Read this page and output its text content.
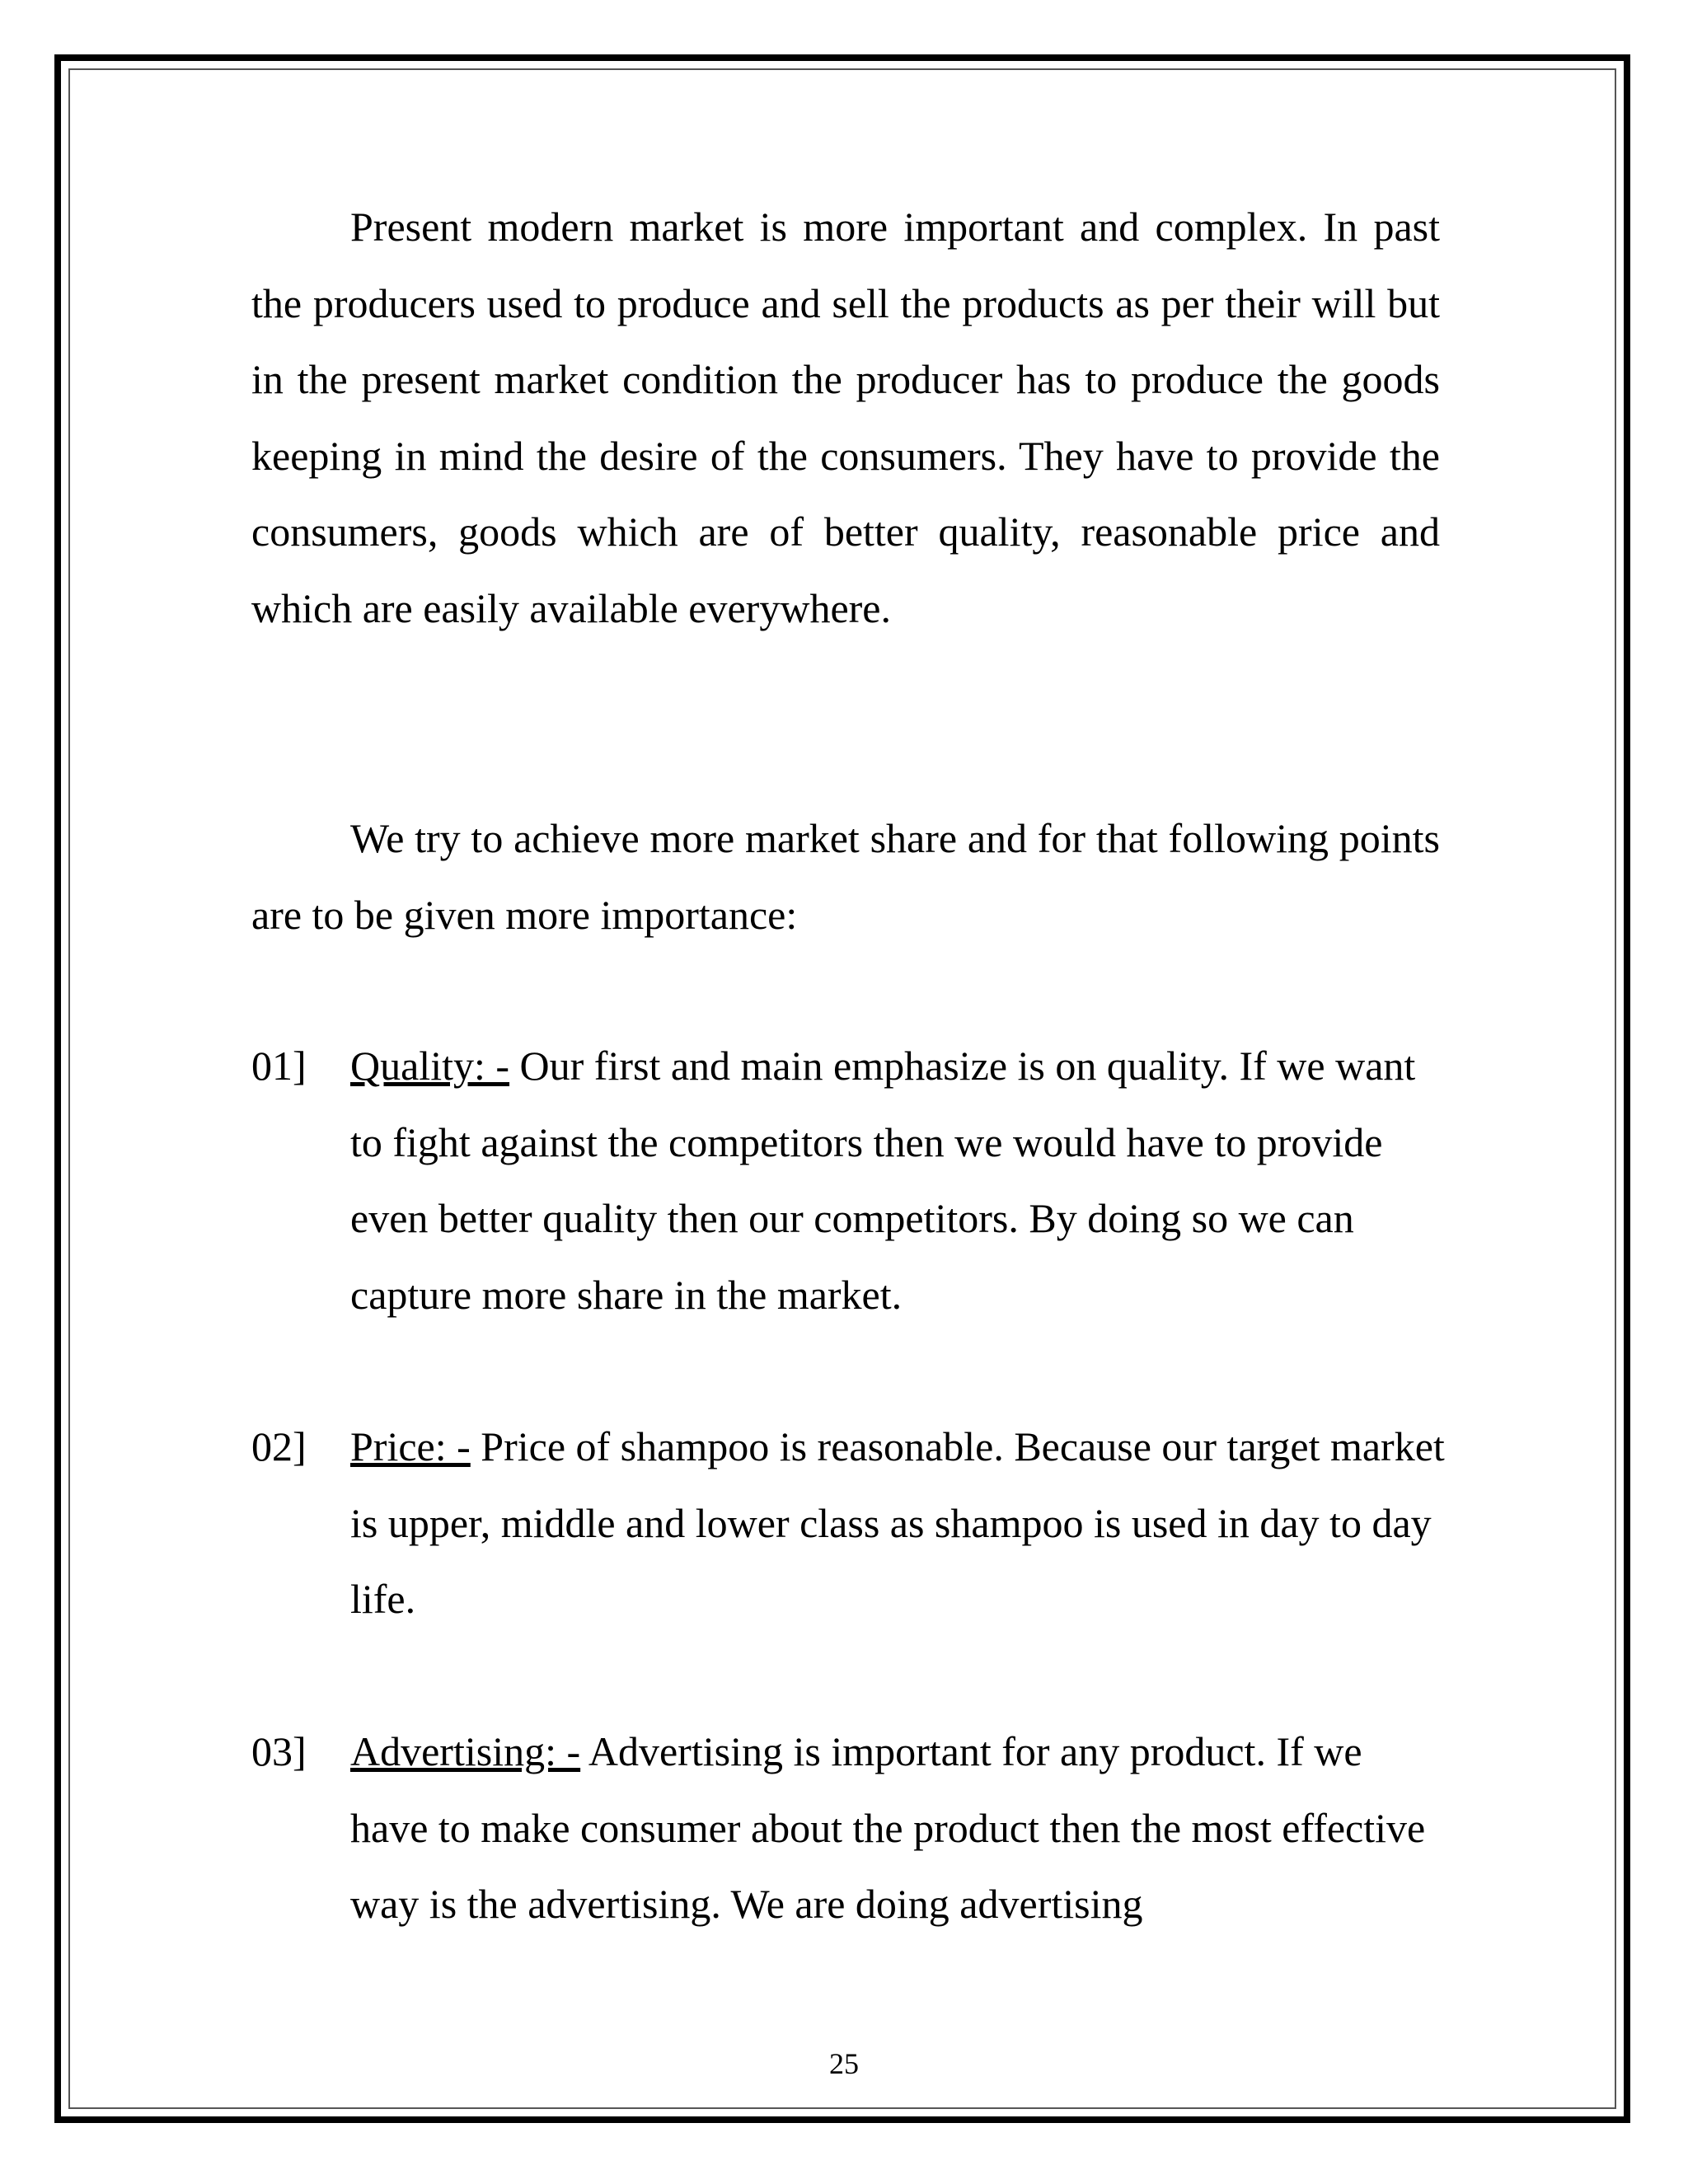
Present modern market is more important and complex. In past the producers used to produce and sell the products as per their will but in the present market condition the producer has to produce the goods keeping in mind the desire of the consumers. They have to provide the consumers, goods which are of better quality, reasonable price and which are easily available everywhere.

We try to achieve more market share and for that following points are to be given more importance:

01]	Quality: - Our first and main emphasize is on quality. If we want to fight against the competitors then we would have to provide even better quality then our competitors. By doing so we can capture more share in the market.
02]	Price: - Price of shampoo is reasonable. Because our target market is upper, middle and lower class as shampoo is used in day to day life.
03]	Advertising: - Advertising is important for any product. If we have to make consumer about the product then the most effective way is the advertising. We are doing advertising
25
